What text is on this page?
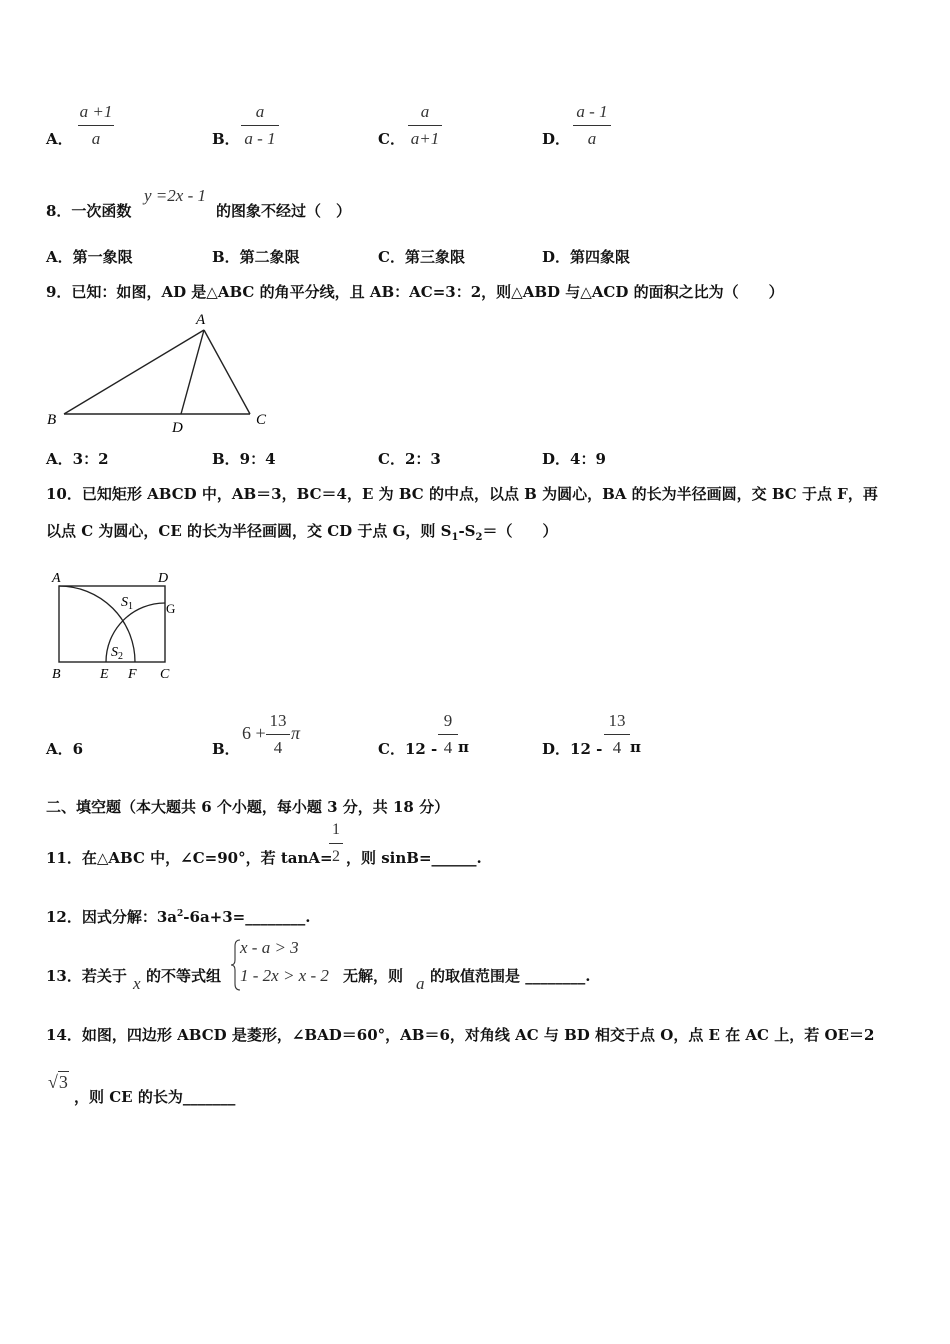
A．
a +1
a	B．
a
a - 1	C．
a
a+1	D．
a - 1
a
8．一次函数
y =2x - 1
的图象不经过（　）
A．第一象限	B．第二象限	C．第三象限	D．第四象限
9．已知：如图，AD 是△ABC 的角平分线，且 AB：AC=3：2，则△ABD 与△ACD 的面积之比为（　　）
A
B	C
D
A．3：2	B．9：4	C．2：3	D．4：9
10．已知矩形 ABCD 中，AB＝3，BC＝4，E 为 BC 的中点，以点 B 为圆心，BA 的长为半径画圆，交 BC 于点 F，再
以点 C 为圆心，CE 的长为半径画圆，交 CD 于点 G，则 $S_1-S_2=$（　　）
A	D
B	C
E F
G
$S_1$
$S_2$
A．6	B．
6 +
13
4
π
C．12 -
9
4 π	D．12 -
13
4 π
二、填空题（本大题共 6 个小题，每小题 3 分，共 18 分）
11．在△ABC 中，∠C=90°，若 tanA=
1
2 ，则 sinB=______.
12．因式分解：$3a^2-6a+3=\_\_\_\_\_\_\_\_$.
13．若关于 x 的不等式组
x - a > 3
1 - 2x > x - 2 无解，则 a 的取值范围是 ________.
14．如图，四边形 ABCD 是菱形，∠BAD＝60°，AB＝6，对角线 AC 与 BD 相交于点 O，点 E 在 AC 上，若 OE＝2
√3
，则 CE 的长为_______
